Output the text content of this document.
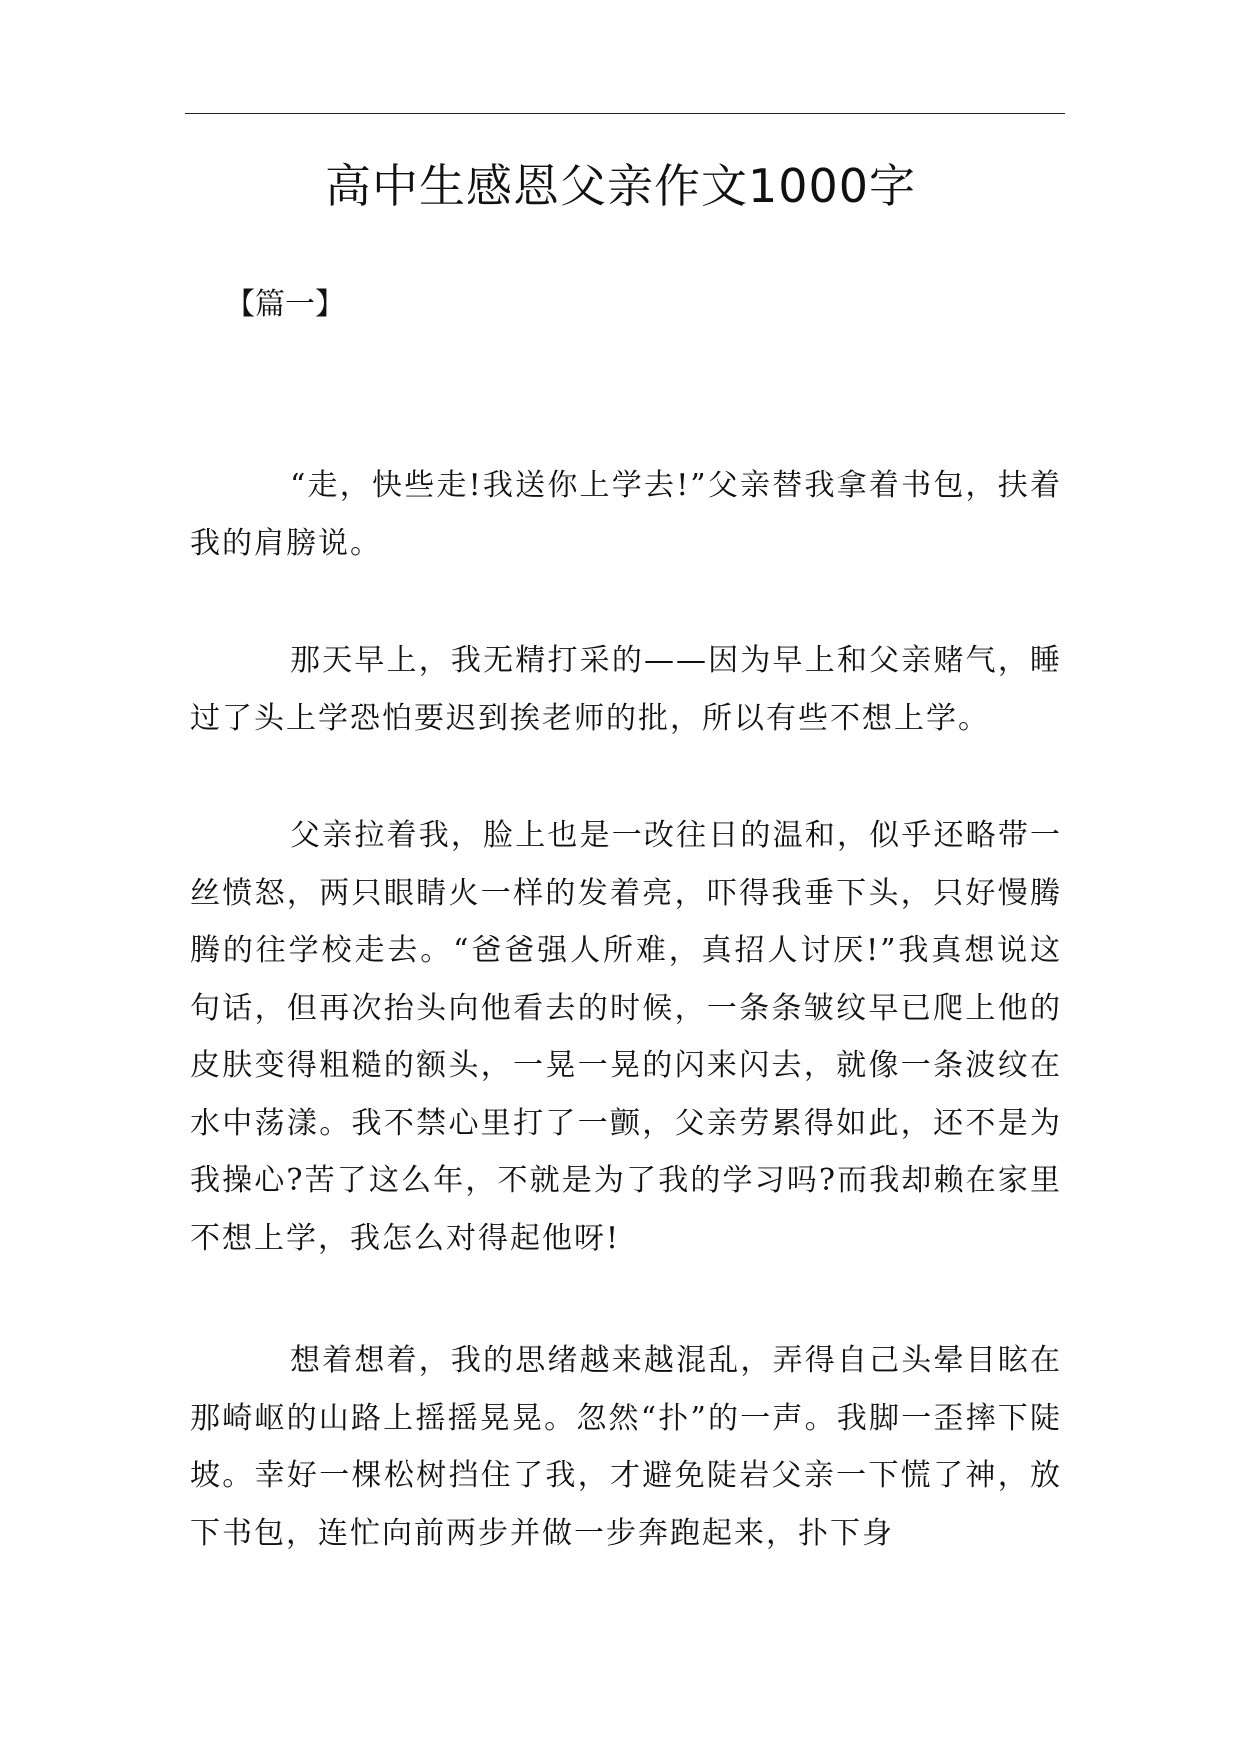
高中生感恩父亲作文1000字
【篇一】
“走，快些走!我送你上学去!”父亲替我拿着书包，扶着我的肩膀说。
那天早上，我无精打采的——因为早上和父亲赌气，睡过了头上学恐怕要迟到挨老师的批，所以有些不想上学。
父亲拉着我，脸上也是一改往日的温和，似乎还略带一丝愤怒，两只眼睛火一样的发着亮，吓得我垂下头，只好慢腾腾的往学校走去。“爸爸强人所难，真招人讨厌!”我真想说这句话，但再次抬头向他看去的时候，一条条皱纹早已爬上他的皮肤变得粗糙的额头，一晃一晃的闪来闪去，就像一条波纹在水中荡漾。我不禁心里打了一颤，父亲劳累得如此，还不是为我操心?苦了这么年，不就是为了我的学习吗?而我却赖在家里不想上学，我怎么对得起他呀!
想着想着，我的思绪越来越混乱，弄得自己头晕目眩在那崎岖的山路上摇摇晃晃。忽然“扑”的一声。我脚一歪摔下陡坡。幸好一棵松树挡住了我，才避免陡岩父亲一下慌了神，放下书包，连忙向前两步并做一步奔跑起来，扑下身
